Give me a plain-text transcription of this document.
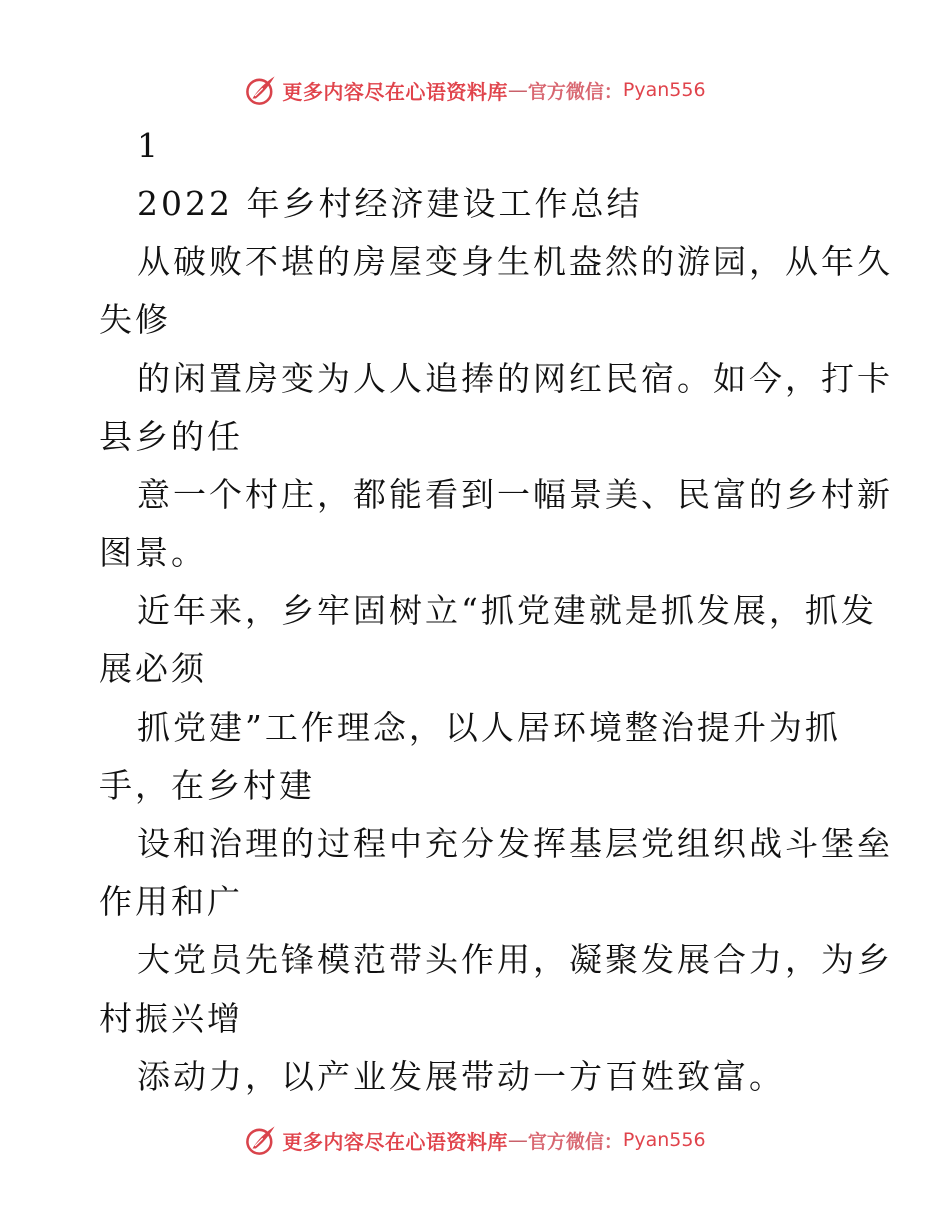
更多内容尽在心语资料库 — 官方微信： Pyan556
1
2022 年乡村经济建设工作总结
从破败不堪的房屋变身生机盎然的游园，从年久
失修
的闲置房变为人人追捧的网红民宿。如今，打卡
县乡的任
意一个村庄，都能看到一幅景美、民富的乡村新
图景。
近年来，乡牢固树立“抓党建就是抓发展，抓发
展必须
抓党建”工作理念，以人居环境整治提升为抓
手，在乡村建
设和治理的过程中充分发挥基层党组织战斗堡垒
作用和广
大党员先锋模范带头作用，凝聚发展合力，为乡
村振兴增
添动力，以产业发展带动一方百姓致富。
更多内容尽在心语资料库 — 官方微信： Pyan556
